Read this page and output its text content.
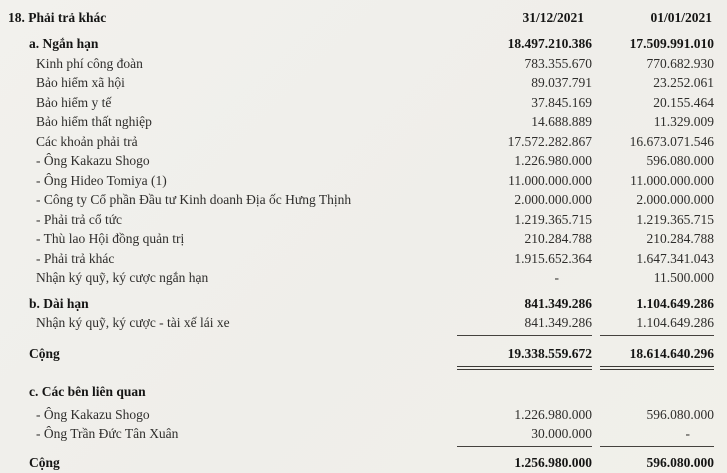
18. Phải trả khác	31/12/2021	01/01/2021
a. Ngắn hạn	18.497.210.386	17.509.991.010
Kinh phí công đoàn	783.355.670	770.682.930
Bảo hiểm xã hội	89.037.791	23.252.061
Bảo hiểm y tế	37.845.169	20.155.464
Bảo hiểm thất nghiệp	14.688.889	11.329.009
Các khoản phải trả	17.572.282.867	16.673.071.546
- Ông Kakazu Shogo	1.226.980.000	596.080.000
- Ông Hideo Tomiya (1)	11.000.000.000	11.000.000.000
- Công ty Cổ phần Đầu tư Kinh doanh Địa ốc Hưng Thịnh	2.000.000.000	2.000.000.000
- Phải trả cổ tức	1.219.365.715	1.219.365.715
- Thù lao Hội đồng quản trị	210.284.788	210.284.788
- Phải trả khác	1.915.652.364	1.647.341.043
Nhận ký quỹ, ký cược ngắn hạn	-	11.500.000
b. Dài hạn	841.349.286	1.104.649.286
Nhận ký quỹ, ký cược - tài xế lái xe	841.349.286	1.104.649.286
Cộng	19.338.559.672	18.614.640.296
c. Các bên liên quan
- Ông Kakazu Shogo	1.226.980.000	596.080.000
- Ông Trần Đức Tân Xuân	30.000.000	-
Cộng	1.256.980.000	596.080.000
